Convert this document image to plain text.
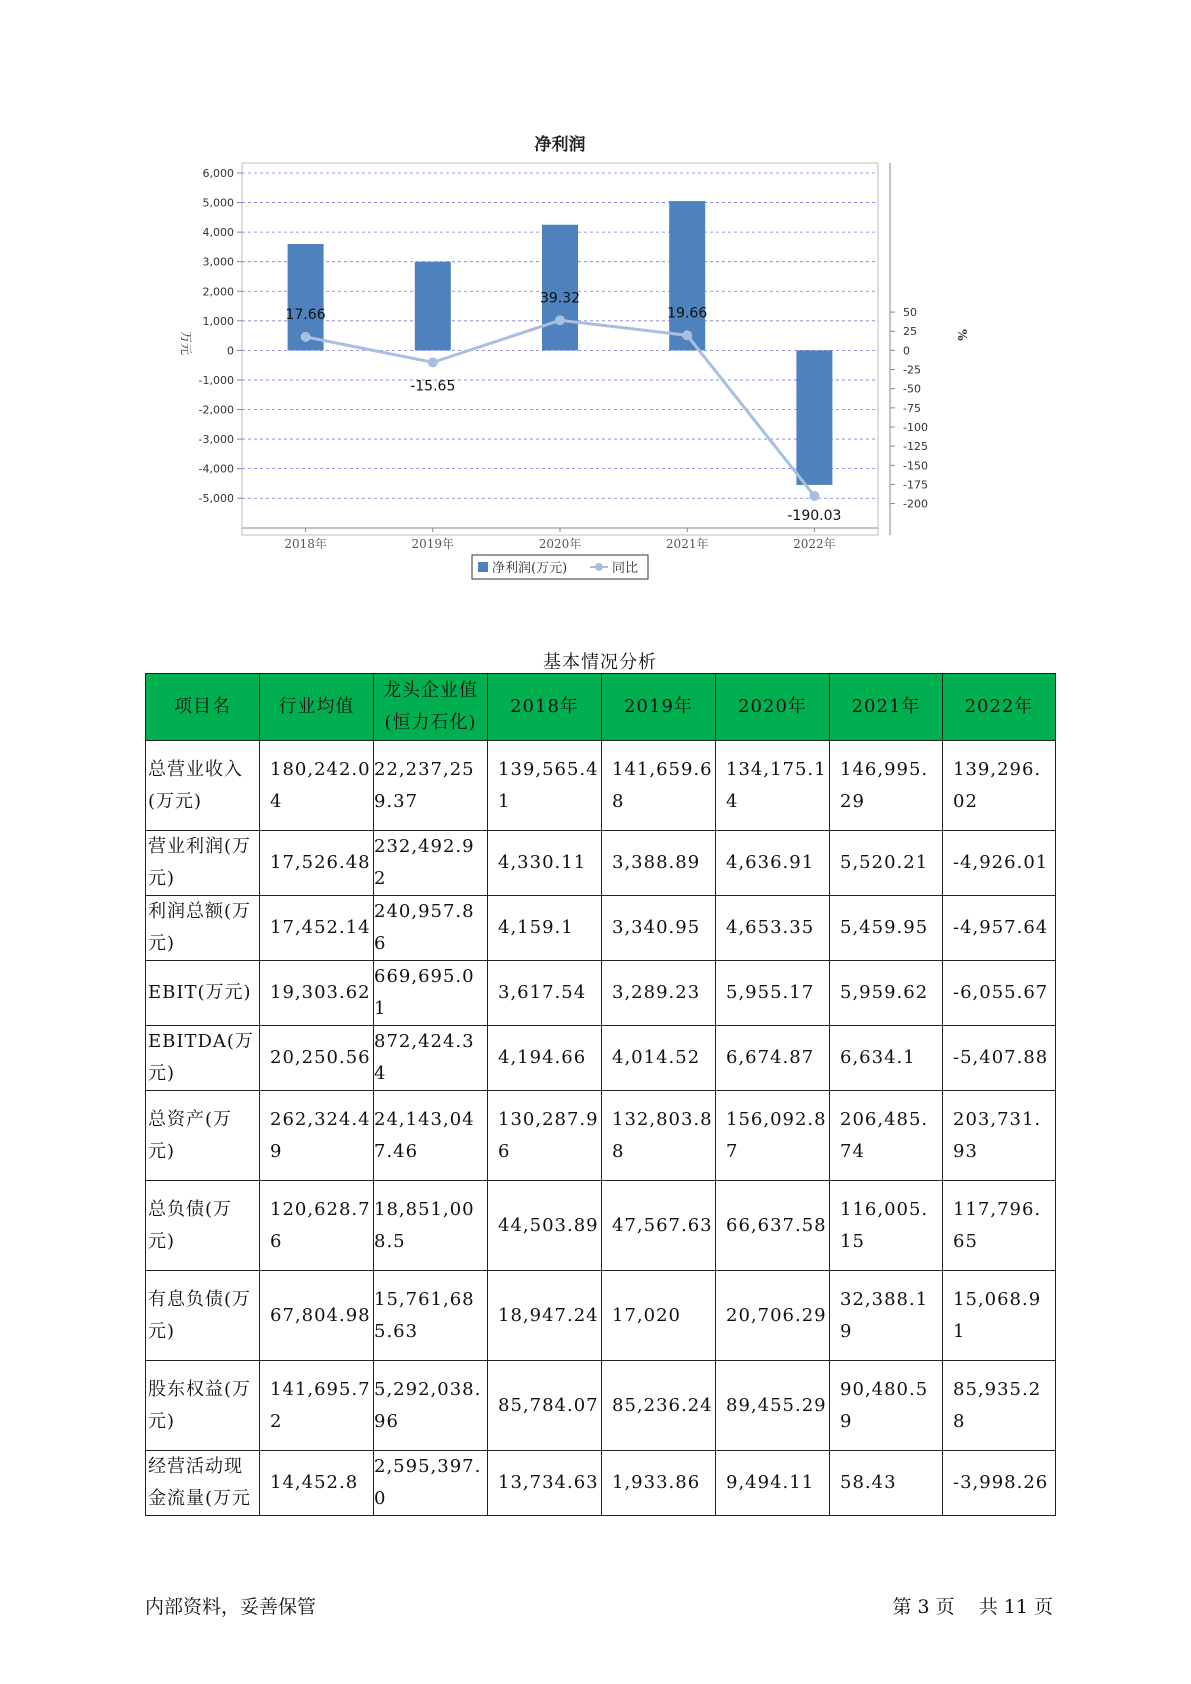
净利润
6,000
5,000
4,000
3,000
2,000
1,000
0
-1,000
-2,000
-3,000
-4,000
-5,000
50
25
0
-25
-50
-75
-100
-125
-150
-175
-200
万元	%
2018年	2019年	2020年	2021年	2022年
17.66
-15.65
39.32
19.66
-190.03
净利润(万元)	同比
基本情况分析
项目名	行业均值	龙头企业值(恒力石化)	2018年	2019年	2020年	2021年	2022年
总营业收入(万元)	180,242.04	22,237,259.37	139,565.41	141,659.68	134,175.14	146,995.29	139,296.02
营业利润(万元)	17,526.48	232,492.92	4,330.11	3,388.89	4,636.91	5,520.21	-4,926.01
利润总额(万元)	17,452.14	240,957.86	4,159.1	3,340.95	4,653.35	5,459.95	-4,957.64
EBIT(万元)	19,303.62	669,695.01	3,617.54	3,289.23	5,955.17	5,959.62	-6,055.67
EBITDA(万元)	20,250.56	872,424.34	4,194.66	4,014.52	6,674.87	6,634.1	-5,407.88
总资产(万元)	262,324.49	24,143,047.46	130,287.96	132,803.88	156,092.87	206,485.74	203,731.93
总负债(万元)	120,628.76	18,851,008.5	44,503.89	47,567.63	66,637.58	116,005.15	117,796.65
有息负债(万元)	67,804.98	15,761,685.63	18,947.24	17,020	20,706.29	32,388.19	15,068.91
股东权益(万元)	141,695.72	5,292,038.96	85,784.07	85,236.24	89,455.29	90,480.59	85,935.28
经营活动现金流量(万元	14,452.8	2,595,397.0	13,734.63	1,933.86	9,494.11	58.43	-3,998.26
内部资料，妥善保管	第 3 页 共 11 页
